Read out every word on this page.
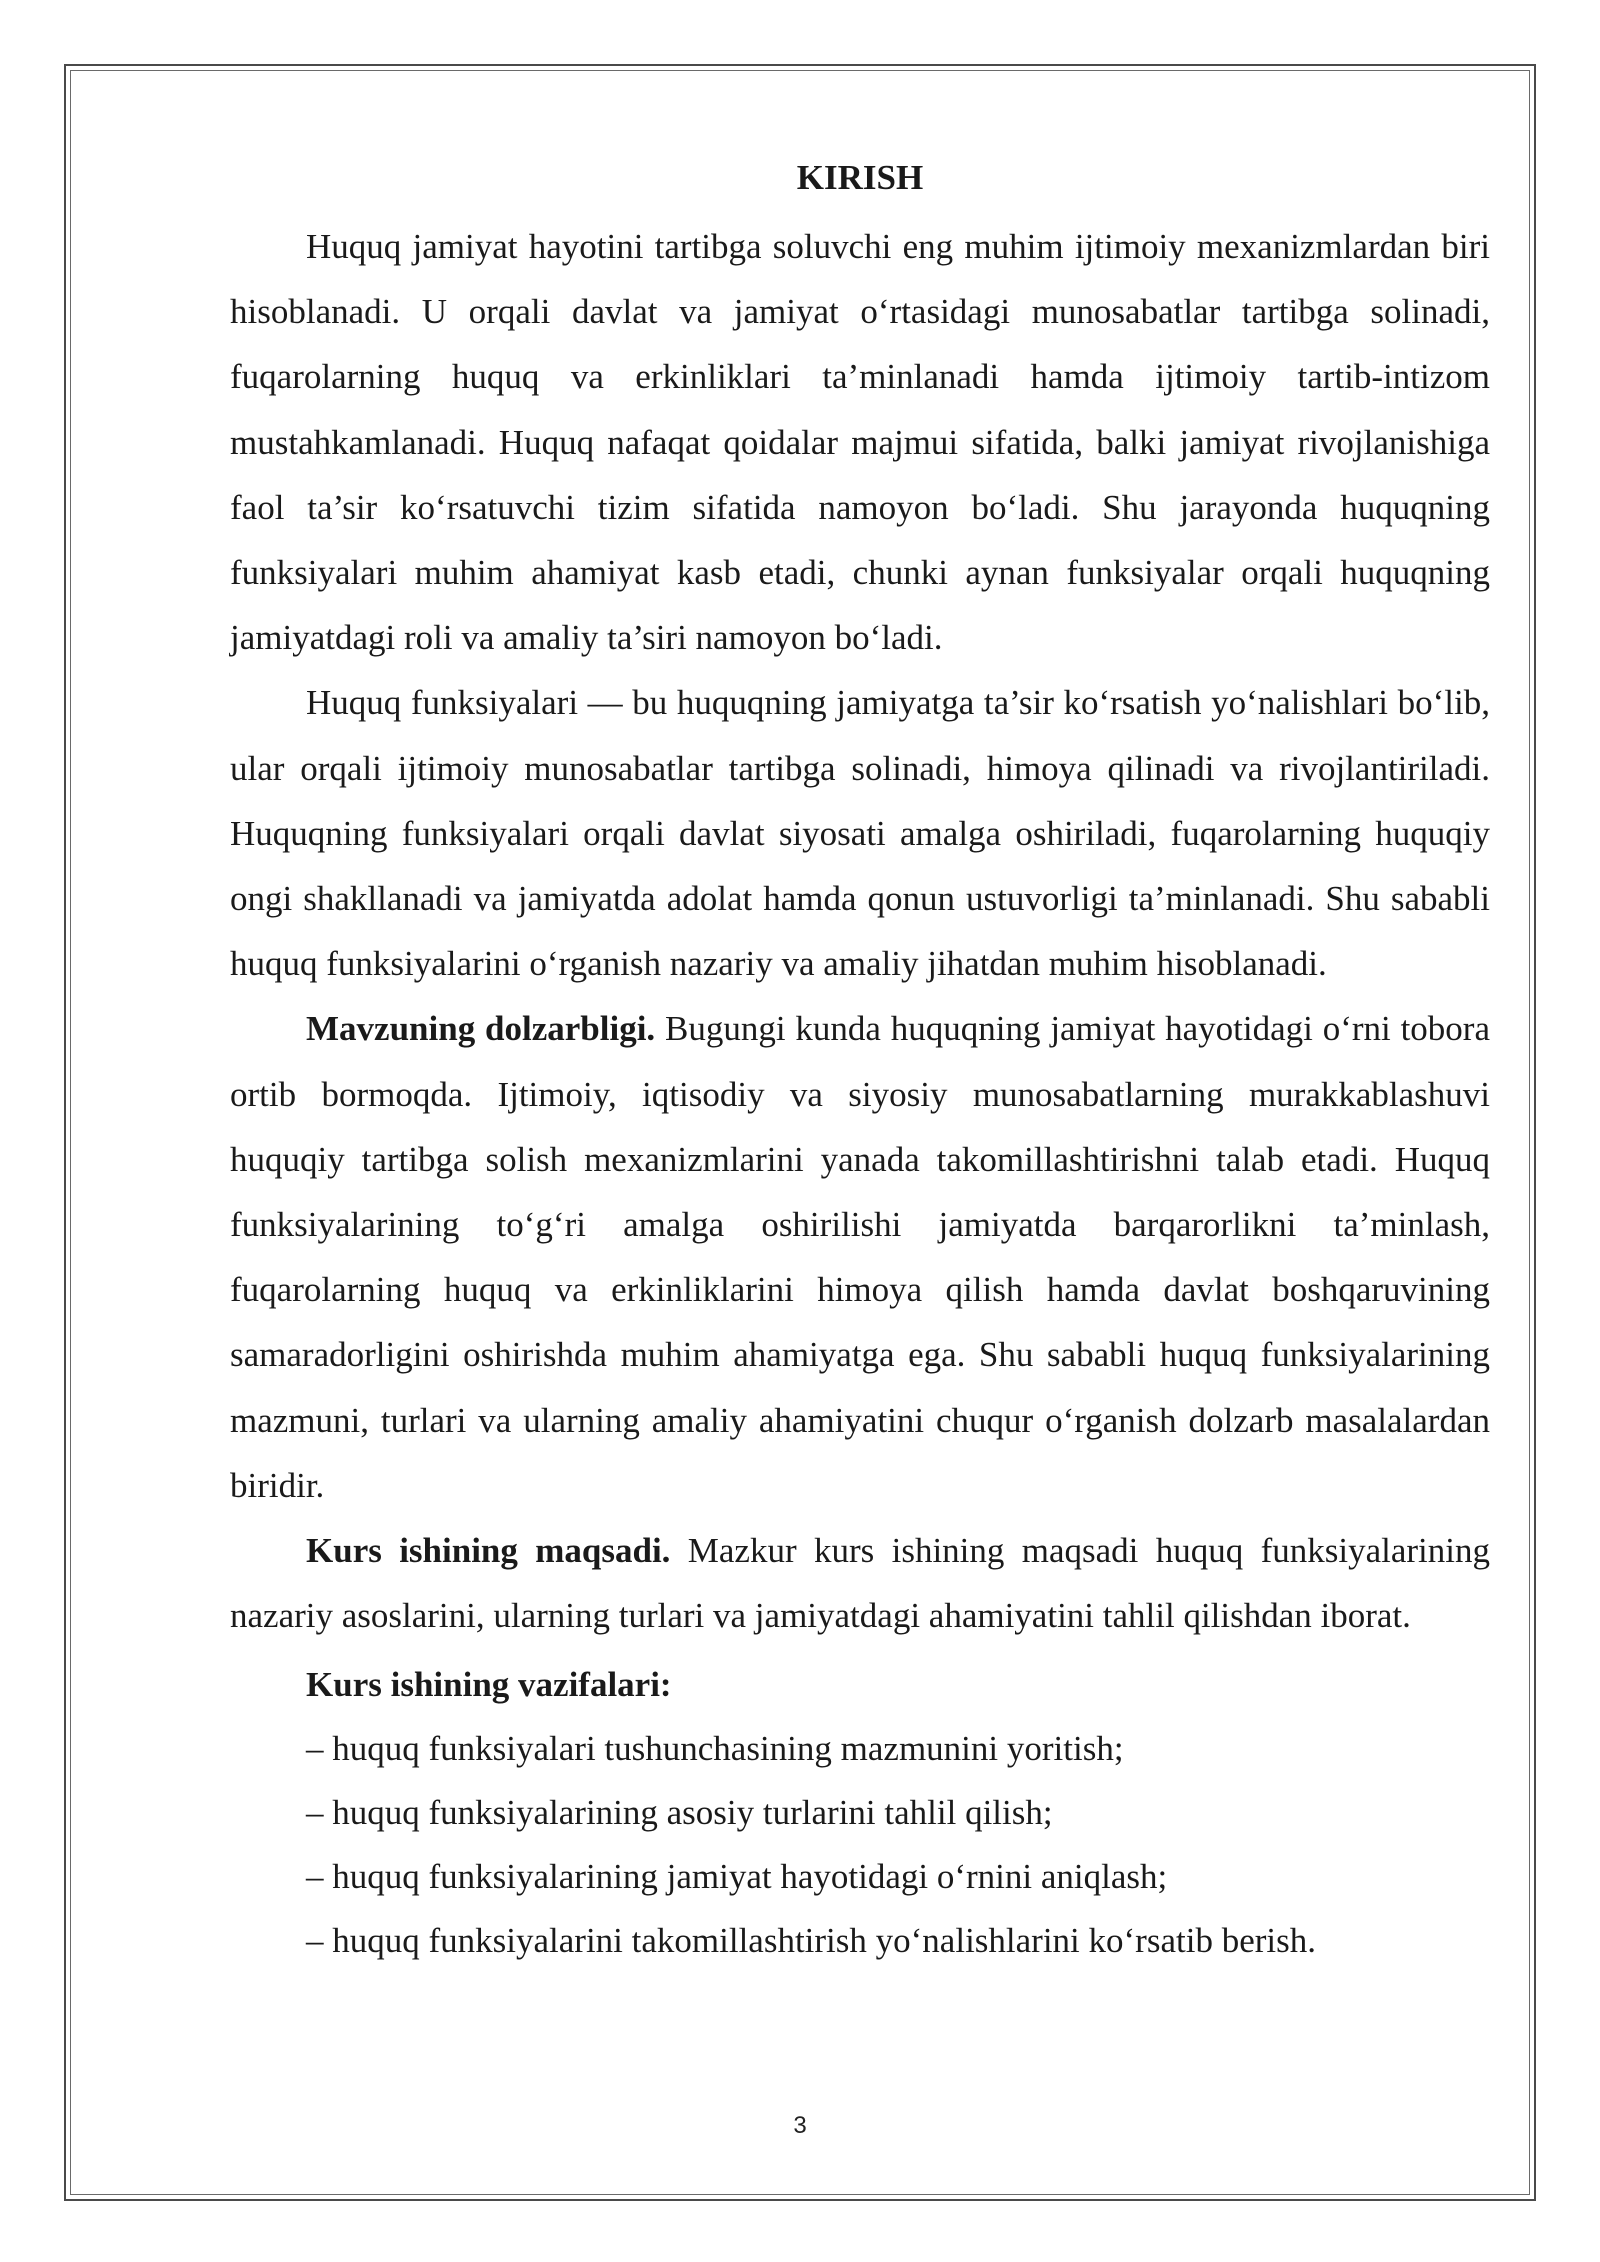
KIRISH

Huquq jamiyat hayotini tartibga soluvchi eng muhim ijtimoiy mexanizmlardan biri hisoblanadi. U orqali davlat va jamiyat o‘rtasidagi munosabatlar tartibga solinadi, fuqarolarning huquq va erkinliklari ta’minlanadi hamda ijtimoiy tartib-intizom mustahkamlanadi. Huquq nafaqat qoidalar majmui sifatida, balki jamiyat rivojlanishiga faol ta’sir ko‘rsatuvchi tizim sifatida namoyon bo‘ladi. Shu jarayonda huquqning funksiyalari muhim ahamiyat kasb etadi, chunki aynan funksiyalar orqali huquqning jamiyatdagi roli va amaliy ta’siri namoyon bo‘ladi.

Huquq funksiyalari — bu huquqning jamiyatga ta’sir ko‘rsatish yo‘nalishlari bo‘lib, ular orqali ijtimoiy munosabatlar tartibga solinadi, himoya qilinadi va rivojlantiriladi. Huquqning funksiyalari orqali davlat siyosati amalga oshiriladi, fuqarolarning huquqiy ongi shakllanadi va jamiyatda adolat hamda qonun ustuvorligi ta’minlanadi. Shu sababli huquq funksiyalarini o‘rganish nazariy va amaliy jihatdan muhim hisoblanadi.

Mavzuning dolzarbligi. Bugungi kunda huquqning jamiyat hayotidagi o‘rni tobora ortib bormoqda. Ijtimoiy, iqtisodiy va siyosiy munosabatlarning murakkablashuvi huquqiy tartibga solish mexanizmlarini yanada takomillashtirishni talab etadi. Huquq funksiyalarining to‘g‘ri amalga oshirilishi jamiyatda barqarorlikni ta’minlash, fuqarolarning huquq va erkinliklarini himoya qilish hamda davlat boshqaruvining samaradorligini oshirishda muhim ahamiyatga ega. Shu sababli huquq funksiyalarining mazmuni, turlari va ularning amaliy ahamiyatini chuqur o‘rganish dolzarb masalalardan biridir.

Kurs ishining maqsadi. Mazkur kurs ishining maqsadi huquq funksiyalarining nazariy asoslarini, ularning turlari va jamiyatdagi ahamiyatini tahlil qilishdan iborat.

Kurs ishining vazifalari:
– huquq funksiyalari tushunchasining mazmunini yoritish;
– huquq funksiyalarining asosiy turlarini tahlil qilish;
– huquq funksiyalarining jamiyat hayotidagi o‘rnini aniqlash;
– huquq funksiyalarini takomillashtirish yo‘nalishlarini ko‘rsatib berish.
3
